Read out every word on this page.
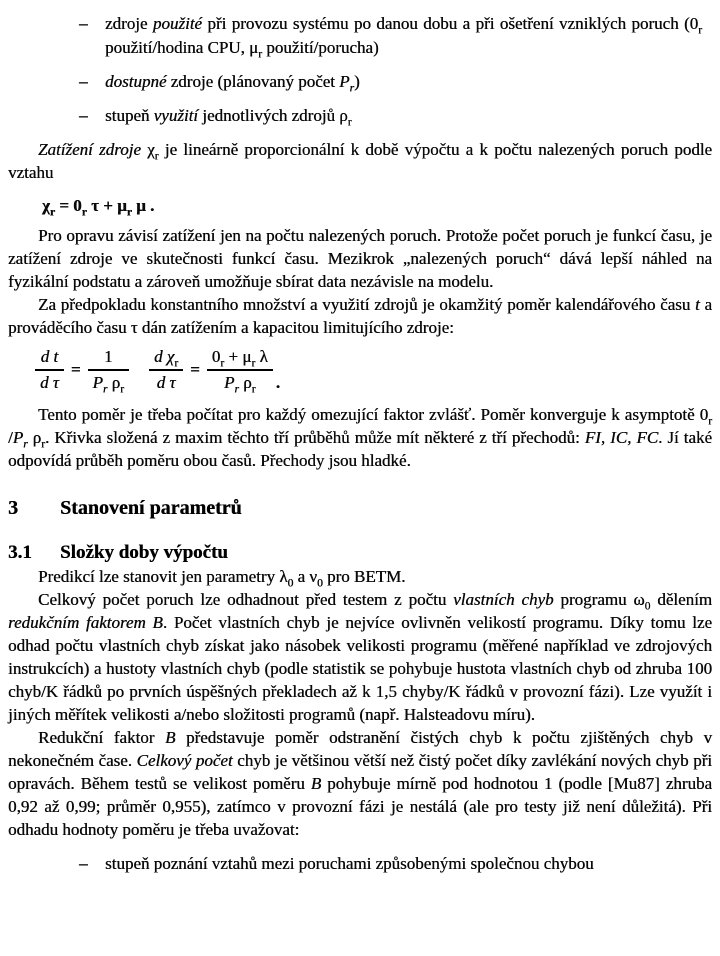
– zdroje použité při provozu systému po danou dobu a při ošetření vzniklých poruch ($0_r$ použití/hodina CPU, $\mu_r$ použití/porucha)
– dostupné zdroje (plánovaný počet $P_r$)
– stupeň využití jednotlivých zdrojů $\rho_r$

Zatížení zdroje $\chi_r$ je lineárně proporcionální k době výpočtu a k počtu nalezených poruch podle vztahu

$\chi_r = 0_r$ $\tau + \mu_r$ μ .

Pro opravu závisí zatížení jen na počtu nalezených poruch. Protože počet poruch je funkcí času, je zatížení zdroje ve skutečnosti funkcí času. Mezikrok „nalezených poruch“ dává lepší náhled na fyzikální podstatu a zároveň umožňuje sbírat data nezávisle na modelu.

Za předpokladu konstantního množství a využití zdrojů je okamžitý poměr kalendářového času t a prováděcího času τ dán zatížením a kapacitou limitujícího zdroje:

$\frac{\text{d t}}{\text{d τ}} = \frac{1}{P_r \rho_r} \frac{d \chi_r}{\text{d τ}} = \frac{0_r + \mu_r \lambda}{P_r \rho_r}$ .

Tento poměr je třeba počítat pro každý omezující faktor zvlášť. Poměr konverguje k asymptotě $0_r$ $/P_r$ $\rho_r$. Křivka složená z maxim těchto tří průběhů může mít některé z tří přechodů: FI, IC, FC. Jí také odpovídá průběh poměru obou časů. Přechody jsou hladké.

3 Stanovení parametrů
3.1 Složky doby výpočtu

Predikcí lze stanovit jen parametry $\lambda_0$ a $\nu_0$ pro BETM.

Celkový počet poruch lze odhadnout před testem z počtu vlastních chyb programu $\omega_0$ dělením redukčním faktorem B. Počet vlastních chyb je nejvíce ovlivněn velikostí programu. Díky tomu lze odhad počtu vlastních chyb získat jako násobek velikosti programu (měřené například ve zdrojových instrukcích) a hustoty vlastních chyb (podle statistik se pohybuje hustota vlastních chyb od zhruba 100 chyb/K řádků po prvních úspěšných překladech až k 1,5 chyby/K řádků v provozní fázi). Lze využít i jiných měřítek velikosti a/nebo složitosti programů (např. Halsteadovu míru).

Redukční faktor B představuje poměr odstranění čistých chyb k počtu zjištěných chyb v nekonečném čase. Celkový počet chyb je většinou větší než čistý počet díky zavlékání nových chyb při opravách. Během testů se velikost poměru B pohybuje mírně pod hodnotou 1 (podle [Mu87] zhruba 0,92 až 0,99; průměr 0,955), zatímco v provozní fázi je nestálá (ale pro testy již není důležitá). Při odhadu hodnoty poměru je třeba uvažovat:

– stupeň poznání vztahů mezi poruchami způsobenými společnou chybou
